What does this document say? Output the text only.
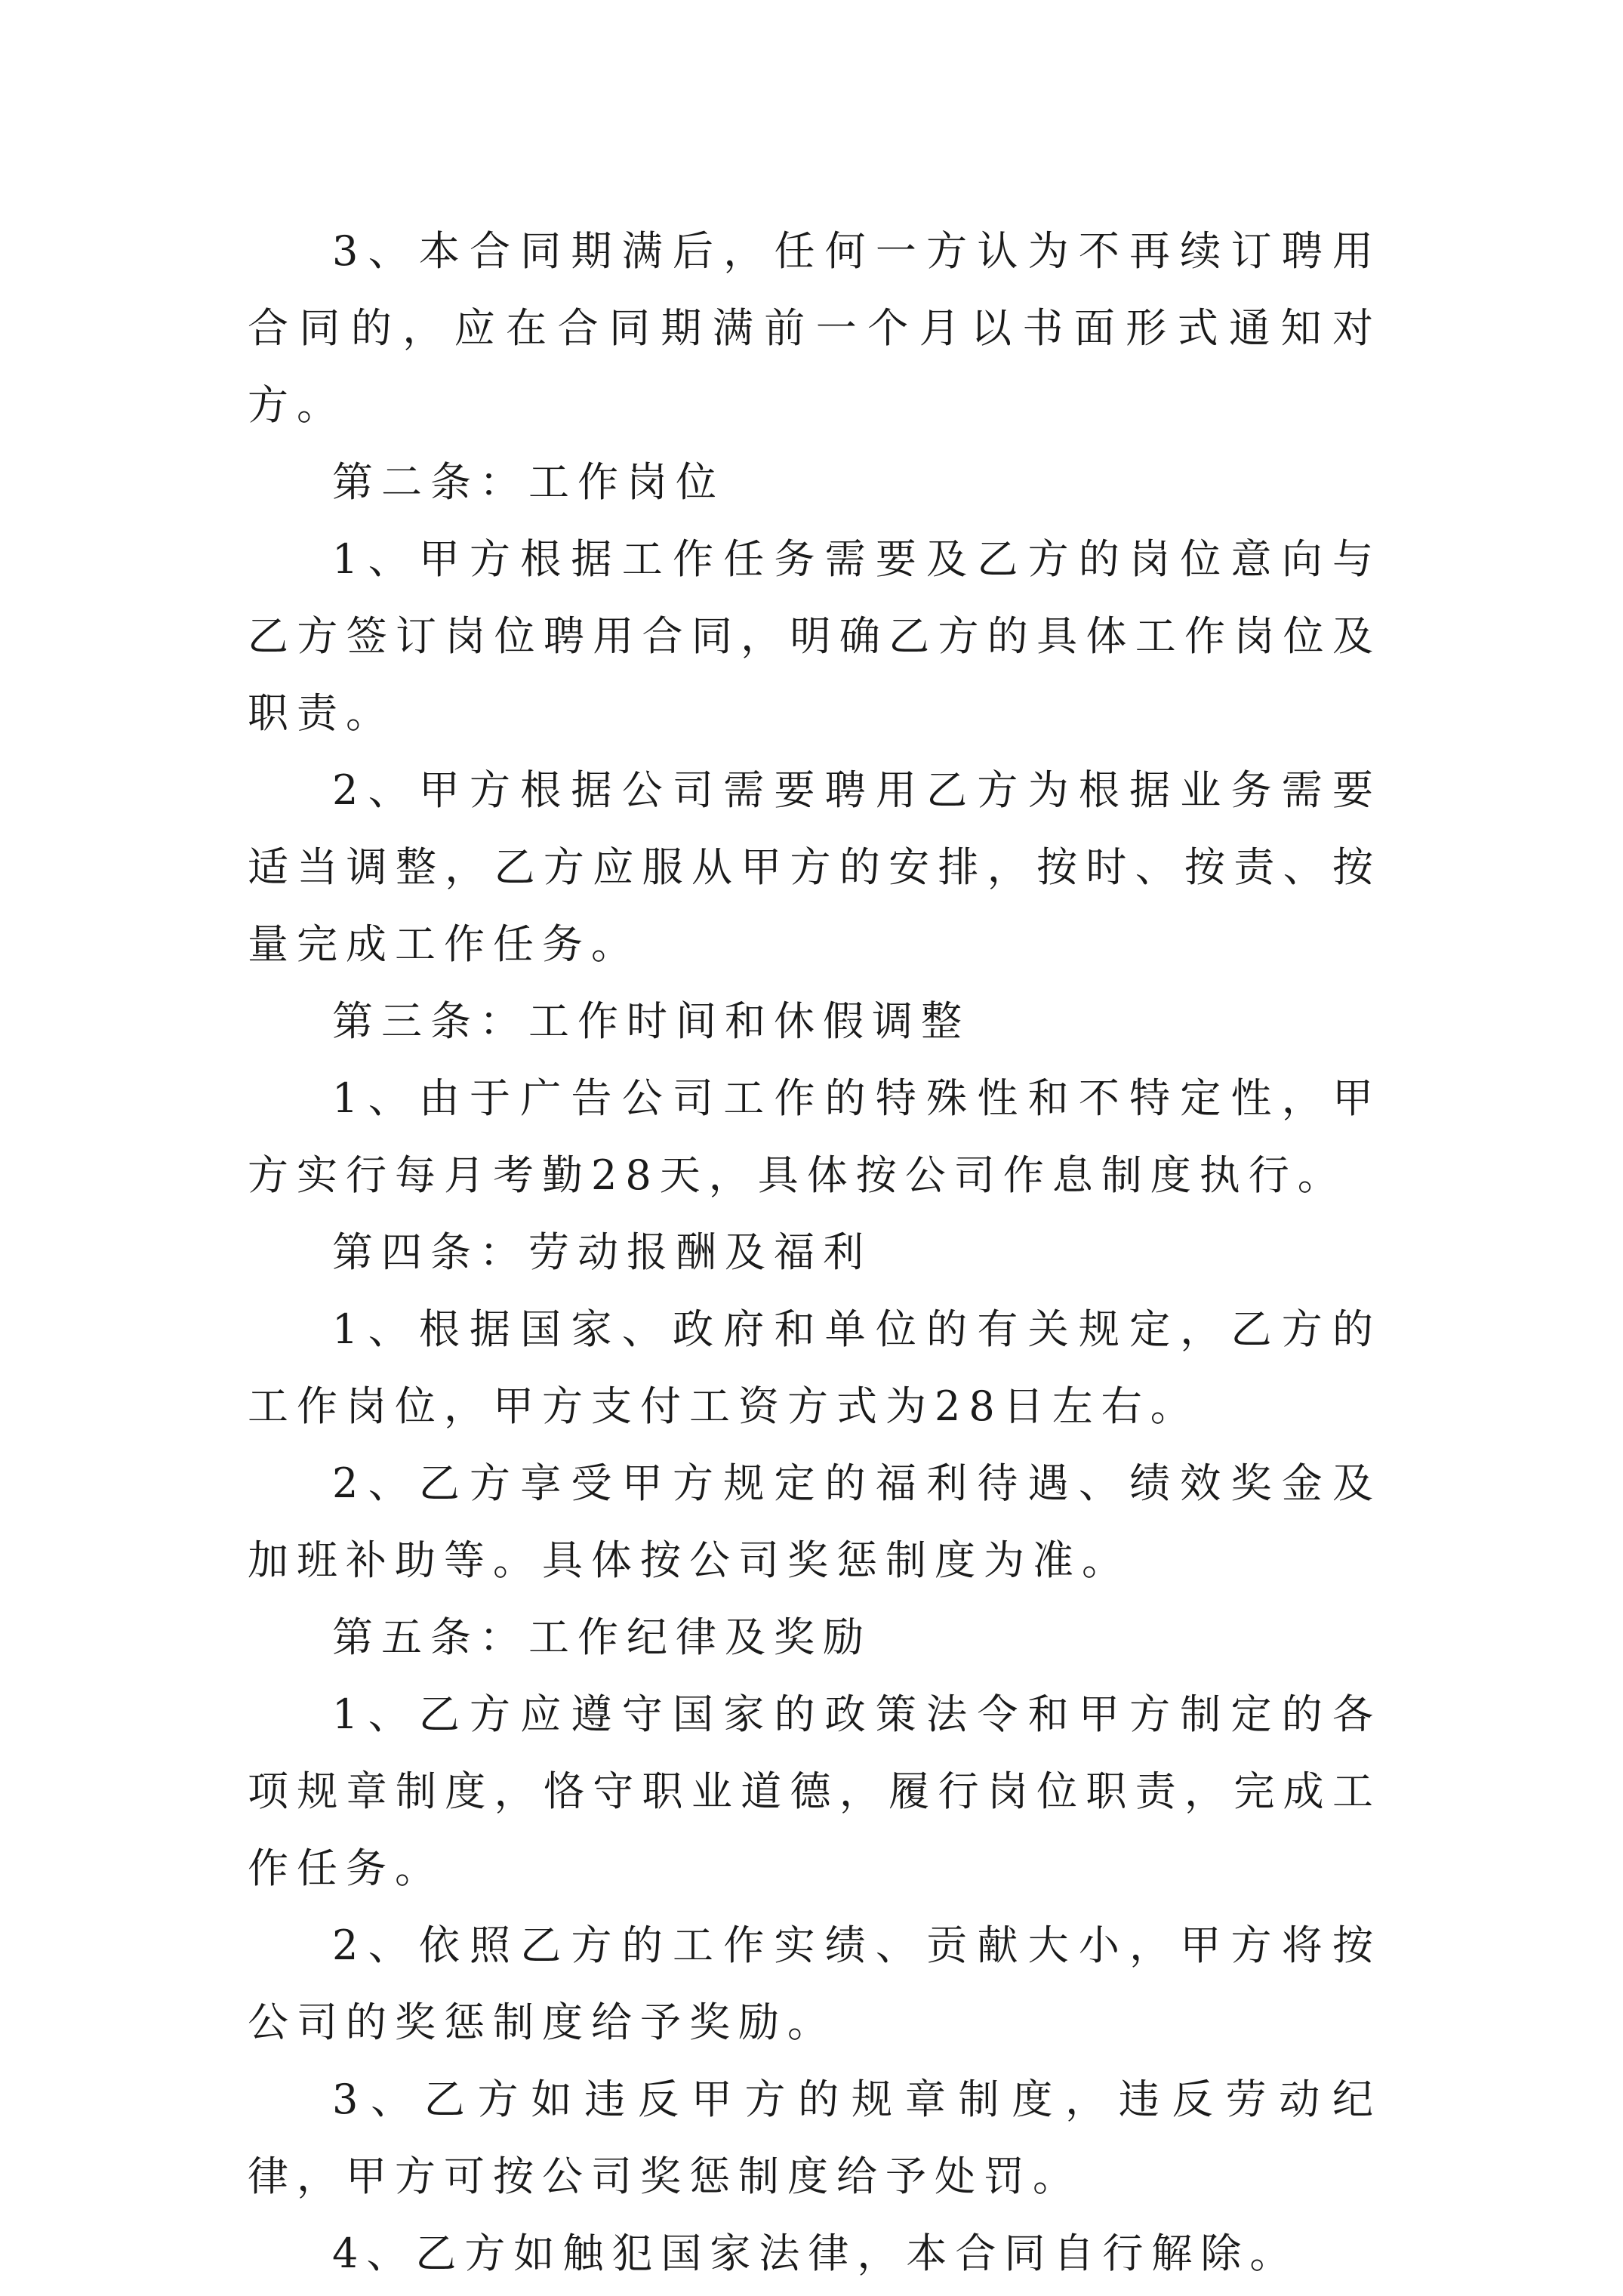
3、本合同期满后，任何一方认为不再续订聘用合同的，应在合同期满前一个月以书面形式通知对方。

第二条：工作岗位

1、甲方根据工作任务需要及乙方的岗位意向与乙方签订岗位聘用合同，明确乙方的具体工作岗位及职责。

2、甲方根据公司需要聘用乙方为根据业务需要适当调整，乙方应服从甲方的安排，按时、按责、按量完成工作任务。

第三条：工作时间和休假调整

1、由于广告公司工作的特殊性和不特定性，甲方实行每月考勤28天，具体按公司作息制度执行。

第四条：劳动报酬及福利

1、根据国家、政府和单位的有关规定，乙方的工作岗位，甲方支付工资方式为28日左右。

2、乙方享受甲方规定的福利待遇、绩效奖金及加班补助等。具体按公司奖惩制度为准。

第五条：工作纪律及奖励

1、乙方应遵守国家的政策法令和甲方制定的各项规章制度，恪守职业道德，履行岗位职责，完成工作任务。

2、依照乙方的工作实绩、贡献大小，甲方将按公司的奖惩制度给予奖励。

3、乙方如违反甲方的规章制度，违反劳动纪律，甲方可按公司奖惩制度给予处罚。

4、乙方如触犯国家法律，本合同自行解除。
